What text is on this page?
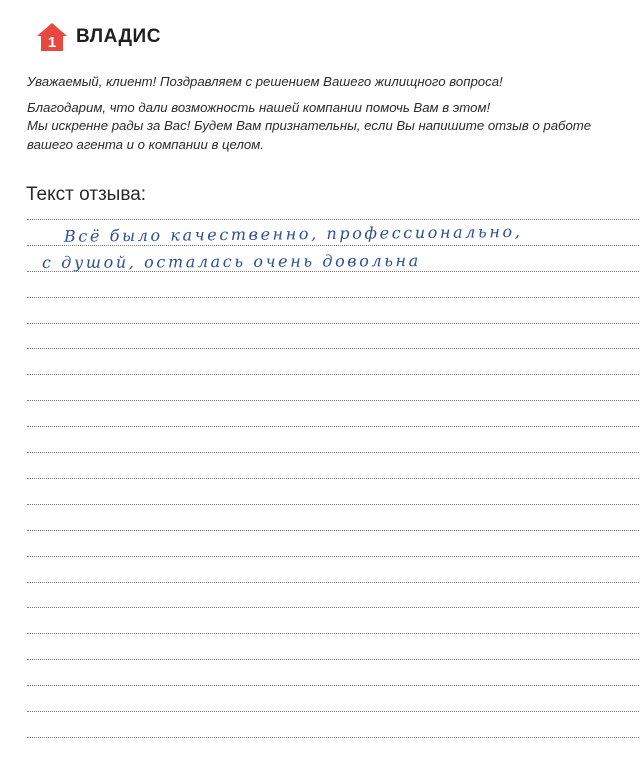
1 ВЛАДИС

Уважаемый, клиент! Поздравляем с решением Вашего жилищного вопроса!

Благодарим, что дали возможность нашей компании помочь Вам в этом!

Мы искренне рады за Вас! Будем Вам признательны, если Вы напишите отзыв о работе

вашего агента и о компании в целом.

Текст отзыва:
Всё было качественно, профессионально,
с душой, осталась очень довольна
